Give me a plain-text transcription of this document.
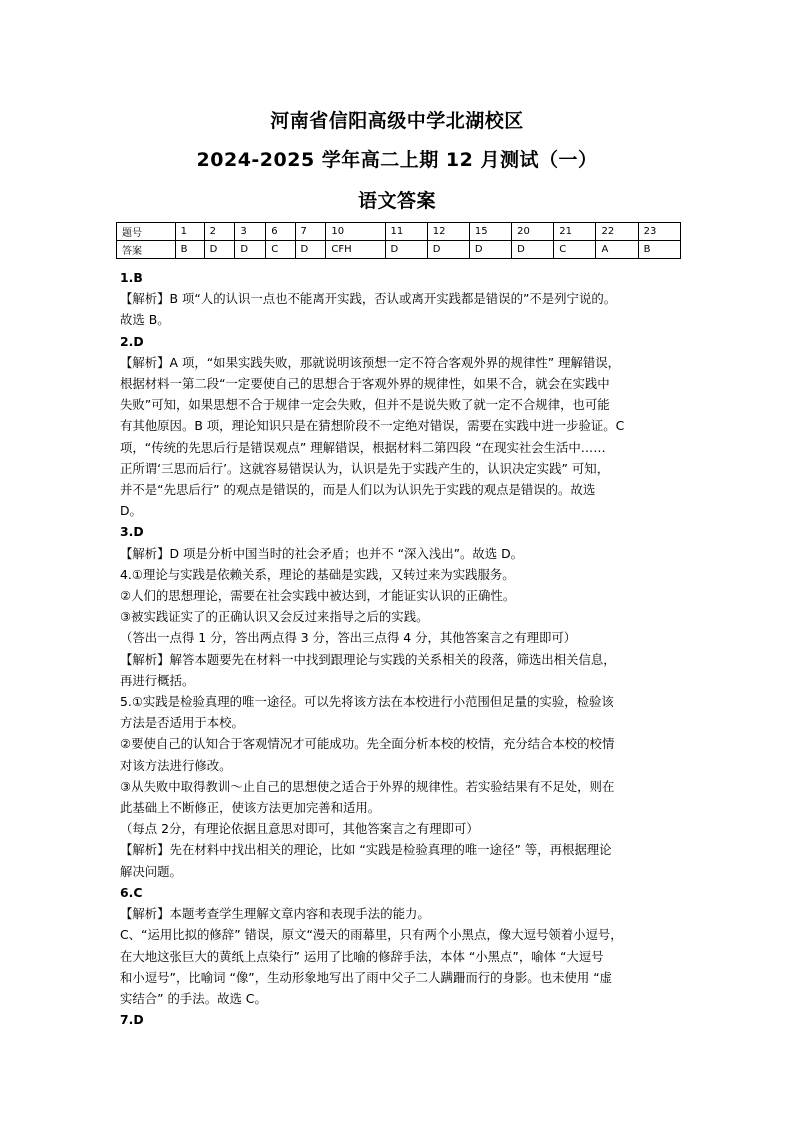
河南省信阳高级中学北湖校区
2024-2025 学年高二上期 12 月测试（一）
语文答案
题号	1	2	3	6	7	10	11	12	15	20	21	22	23
答案	B	D	D	C	D	CFH	D	D	D	D	C	A	B

1.B

【解析】B 项“人的认识一点也不能离开实践，否认或离开实践都是错误的”不是列宁说的。

故选 B。

2.D

【解析】A 项，“如果实践失败，那就说明该预想一定不符合客观外界的规律性” 理解错误，

根据材料一第二段“一定要使自己的思想合于客观外界的规律性，如果不合，就会在实践中

失败”可知，如果思想不合于规律一定会失败，但并不是说失败了就一定不合规律，也可能

有其他原因。B 项，理论知识只是在猜想阶段不一定绝对错误，需要在实践中进一步验证。C

项，“传统的先思后行是错误观点” 理解错误，根据材料二第四段 “在现实社会生活中……

正所谓‘三思而后行’。这就容易错误认为，认识是先于实践产生的，认识决定实践” 可知，

并不是“先思后行” 的观点是错误的，而是人们以为认识先于实践的观点是错误的。故选

D。

3.D

【解析】D 项是分析中国当时的社会矛盾；也并不 “深入浅出”。故选 D。

4.①理论与实践是依赖关系，理论的基础是实践，又转过来为实践服务。

②人们的思想理论，需要在社会实践中被达到，才能证实认识的正确性。

③被实践证实了的正确认识又会反过来指导之后的实践。

（答出一点得 1 分，答出两点得 3 分，答出三点得 4 分，其他答案言之有理即可）

【解析】解答本题要先在材料一中找到跟理论与实践的关系相关的段落，筛选出相关信息，

再进行概括。

5.①实践是检验真理的唯一途径。可以先将该方法在本校进行小范围但足量的实验，检验该

方法是否适用于本校。

②要使自己的认知合于客观情况才可能成功。先全面分析本校的校情，充分结合本校的校情

对该方法进行修改。

③从失败中取得教训～止自己的思想使之适合于外界的规律性。若实验结果有不足处，则在

此基础上不断修正，使该方法更加完善和适用。

（每点 2分，有理论依据且意思对即可，其他答案言之有理即可）

【解析】先在材料中找出相关的理论，比如 “实践是检验真理的唯一途径” 等，再根据理论

解决问题。

6.C

【解析】本题考查学生理解文章内容和表现手法的能力。

C、“运用比拟的修辞” 错误，原文“漫天的雨幕里，只有两个小黑点，像大逗号领着小逗号，

在大地这张巨大的黄纸上点染行” 运用了比喻的修辞手法，本体 “小黑点”，喻体 “大逗号

和小逗号”，比喻词 “像”，生动形象地写出了雨中父子二人蹒跚而行的身影。也未使用 “虚

实结合” 的手法。故选 C。

7.D
